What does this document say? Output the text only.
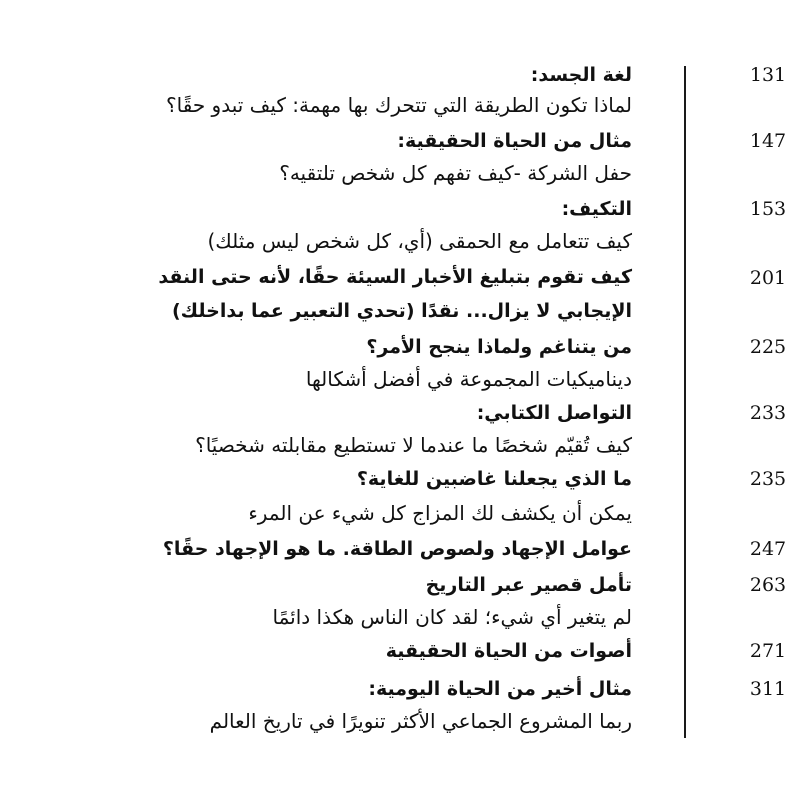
131
لغة الجسد:
لماذا تكون الطريقة التي تتحرك بها مهمة: كيف تبدو حقًا؟
147
مثال من الحياة الحقيقية:
حفل الشركة -كيف تفهم كل شخص تلتقيه؟
153
التكيف:
كيف تتعامل مع الحمقى (أي، كل شخص ليس مثلك)
201
كيف تقوم بتبليغ الأخبار السيئة حقًا، لأنه حتى النقد
الإيجابي لا يزال... نقدًا (تحدي التعبير عما بداخلك)
225
من يتناغم ولماذا ينجح الأمر؟
ديناميكيات المجموعة في أفضل أشكالها
233
التواصل الكتابي:
كيف تُقيّم شخصًا ما عندما لا تستطيع مقابلته شخصيًا؟
235
ما الذي يجعلنا غاضبين للغاية؟
يمكن أن يكشف لك المزاج كل شيء عن المرء
247
عوامل الإجهاد ولصوص الطاقة. ما هو الإجهاد حقًا؟
263
تأمل قصير عبر التاريخ
لم يتغير أي شيء؛ لقد كان الناس هكذا دائمًا
271
أصوات من الحياة الحقيقية
311
مثال أخير من الحياة اليومية:
ربما المشروع الجماعي الأكثر تنويرًا في تاريخ العالم
